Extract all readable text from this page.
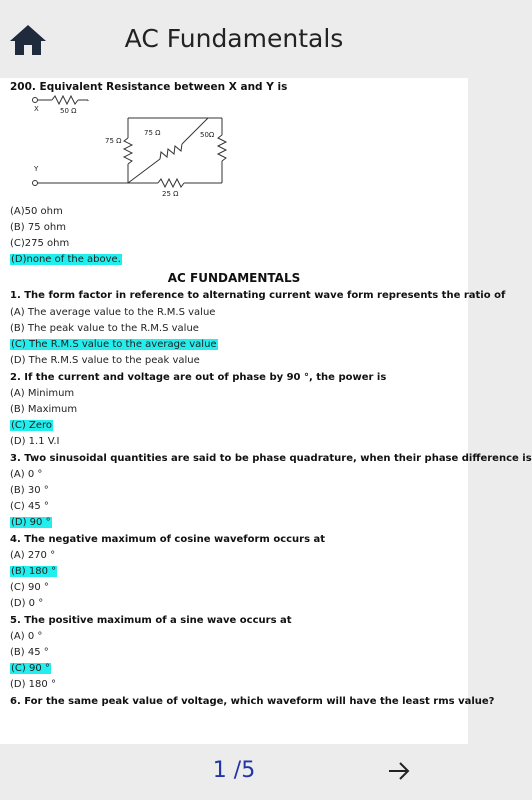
AC Fundamentals
200. Equivalent Resistance between X and Y is
X	50 Ω
75 Ω
75 Ω	50Ω
Y
25 Ω
(A)50 ohm
(B) 75 ohm
(C)275 ohm
(D)none of the above.
AC FUNDAMENTALS
1. The form factor in reference to alternating current wave form represents the ratio of
(A) The average value to the R.M.S value
(B) The peak value to the R.M.S value
(C) The R.M.S value to the average value
(D) The R.M.S value to the peak value
2. If the current and voltage are out of phase by 90 °, the power is
(A) Minimum
(B) Maximum
(C) Zero
(D) 1.1 V.I
3. Two sinusoidal quantities are said to be phase quadrature, when their phase difference is
(A) 0 °
(B) 30 °
(C) 45 °
(D) 90 °
4. The negative maximum of cosine waveform occurs at
(A) 270 °
(B) 180 °
(C) 90 °
(D) 0 °
5. The positive maximum of a sine wave occurs at
(A) 0 °
(B) 45 °
(C) 90 °
(D) 180 °
6. For the same peak value of voltage, which waveform will have the least rms value?
1 /5
